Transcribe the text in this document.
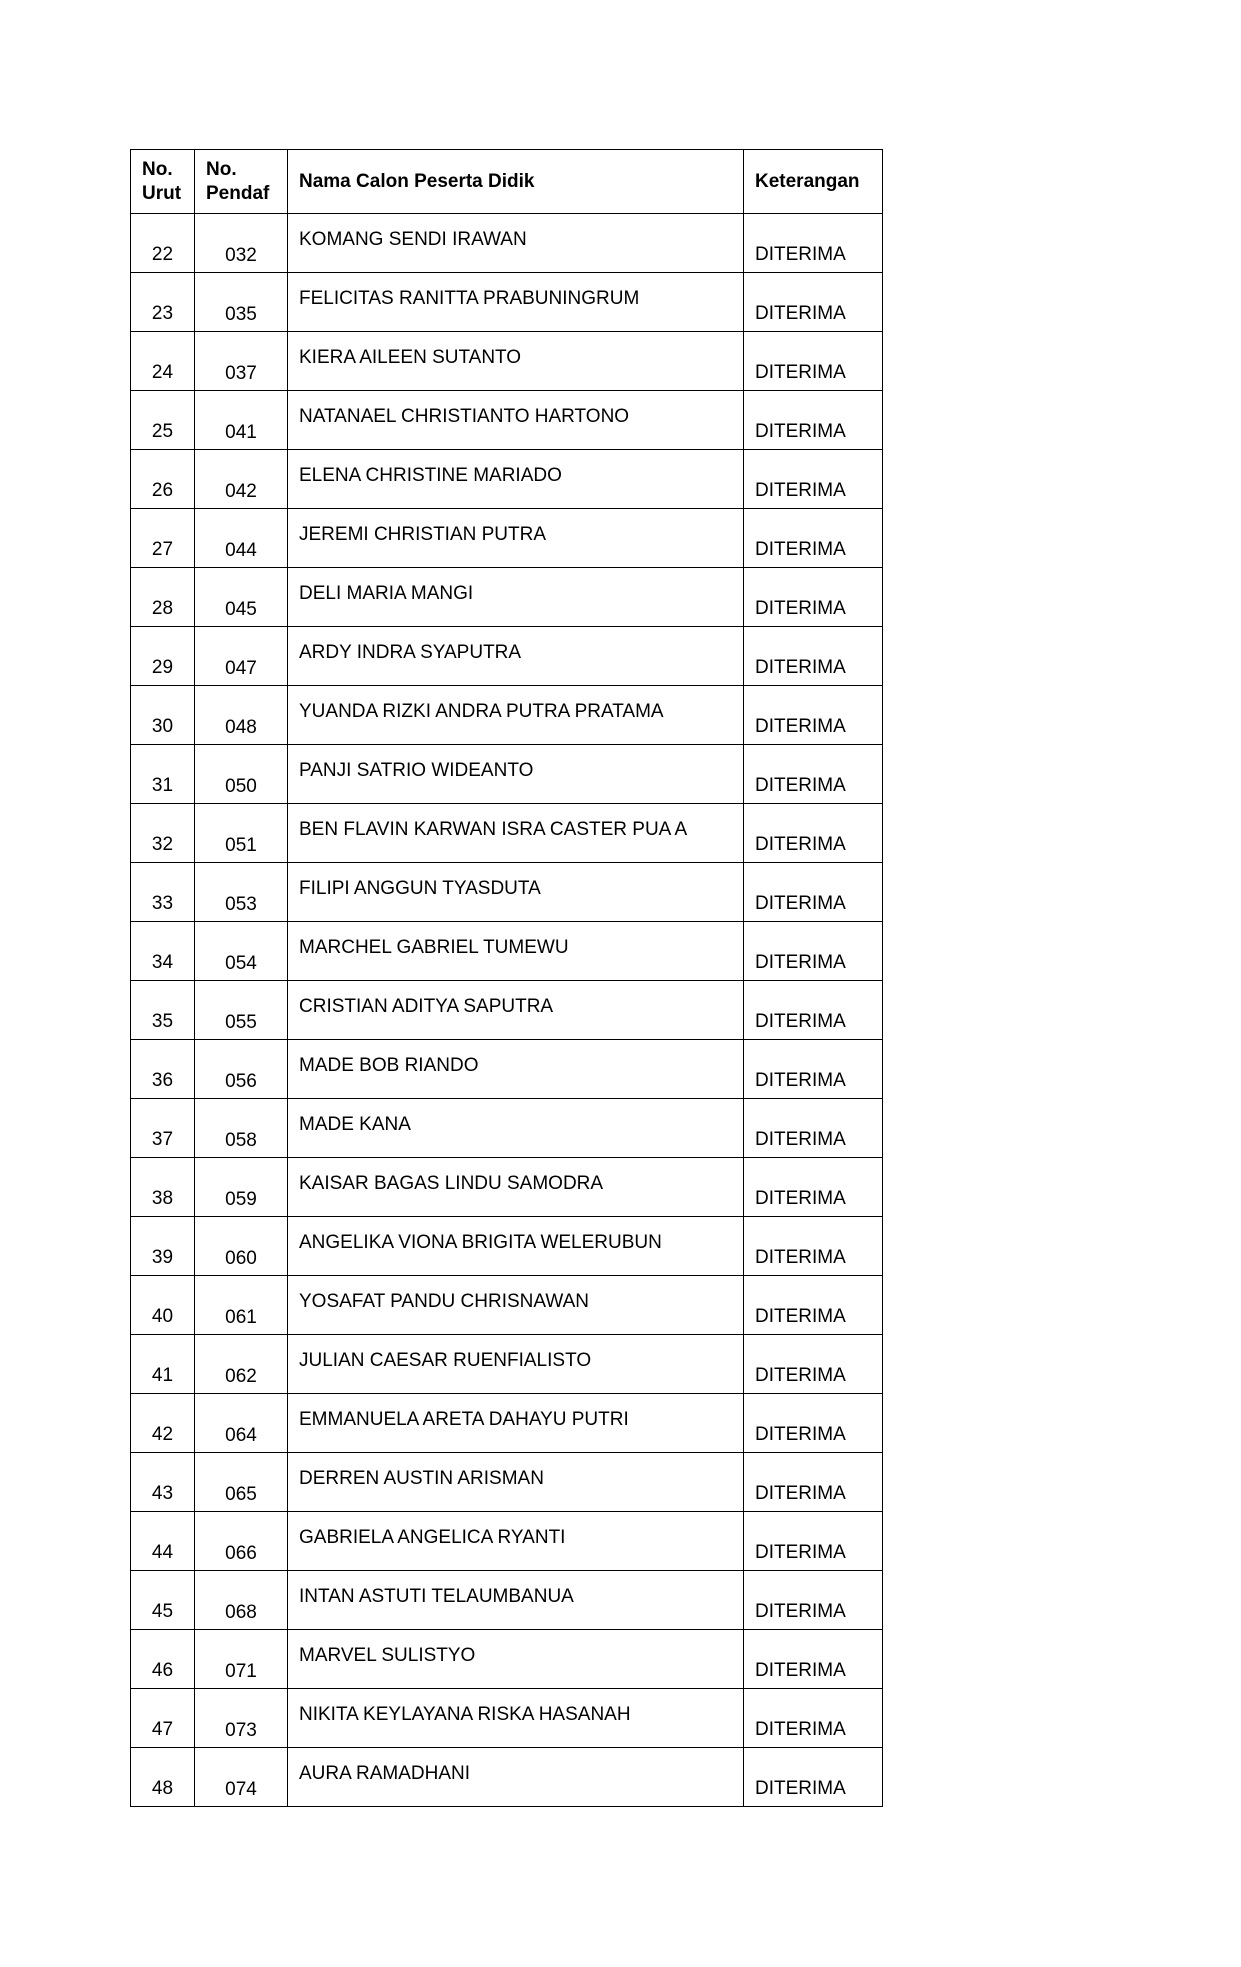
No.
Urut	No.
Pendaf	Nama Calon Peserta Didik	Keterangan

22	032	KOMANG SENDI IRAWAN	DITERIMA

23	035	FELICITAS RANITTA PRABUNINGRUM	DITERIMA

24	037	KIERA AILEEN SUTANTO	DITERIMA

25	041	NATANAEL CHRISTIANTO HARTONO	DITERIMA

26	042	ELENA CHRISTINE MARIADO	DITERIMA

27	044	JEREMI CHRISTIAN PUTRA	DITERIMA

28	045	DELI MARIA MANGI	DITERIMA

29	047	ARDY INDRA SYAPUTRA	DITERIMA

30	048	YUANDA RIZKI ANDRA PUTRA PRATAMA	DITERIMA

31	050	PANJI SATRIO WIDEANTO	DITERIMA

32	051	BEN FLAVIN KARWAN ISRA CASTER PUA A	DITERIMA

33	053	FILIPI ANGGUN TYASDUTA	DITERIMA

34	054	MARCHEL GABRIEL TUMEWU	DITERIMA

35	055	CRISTIAN ADITYA SAPUTRA	DITERIMA

36	056	MADE BOB RIANDO	DITERIMA

37	058	MADE KANA	DITERIMA

38	059	KAISAR BAGAS LINDU SAMODRA	DITERIMA

39	060	ANGELIKA VIONA BRIGITA WELERUBUN	DITERIMA

40	061	YOSAFAT PANDU CHRISNAWAN	DITERIMA

41	062	JULIAN CAESAR RUENFIALISTO	DITERIMA

42	064	EMMANUELA ARETA DAHAYU PUTRI	DITERIMA

43	065	DERREN AUSTIN ARISMAN	DITERIMA

44	066	GABRIELA ANGELICA RYANTI	DITERIMA

45	068	INTAN ASTUTI TELAUMBANUA	DITERIMA

46	071	MARVEL SULISTYO	DITERIMA

47	073	NIKITA KEYLAYANA RISKA HASANAH	DITERIMA

48	074	AURA RAMADHANI	DITERIMA
